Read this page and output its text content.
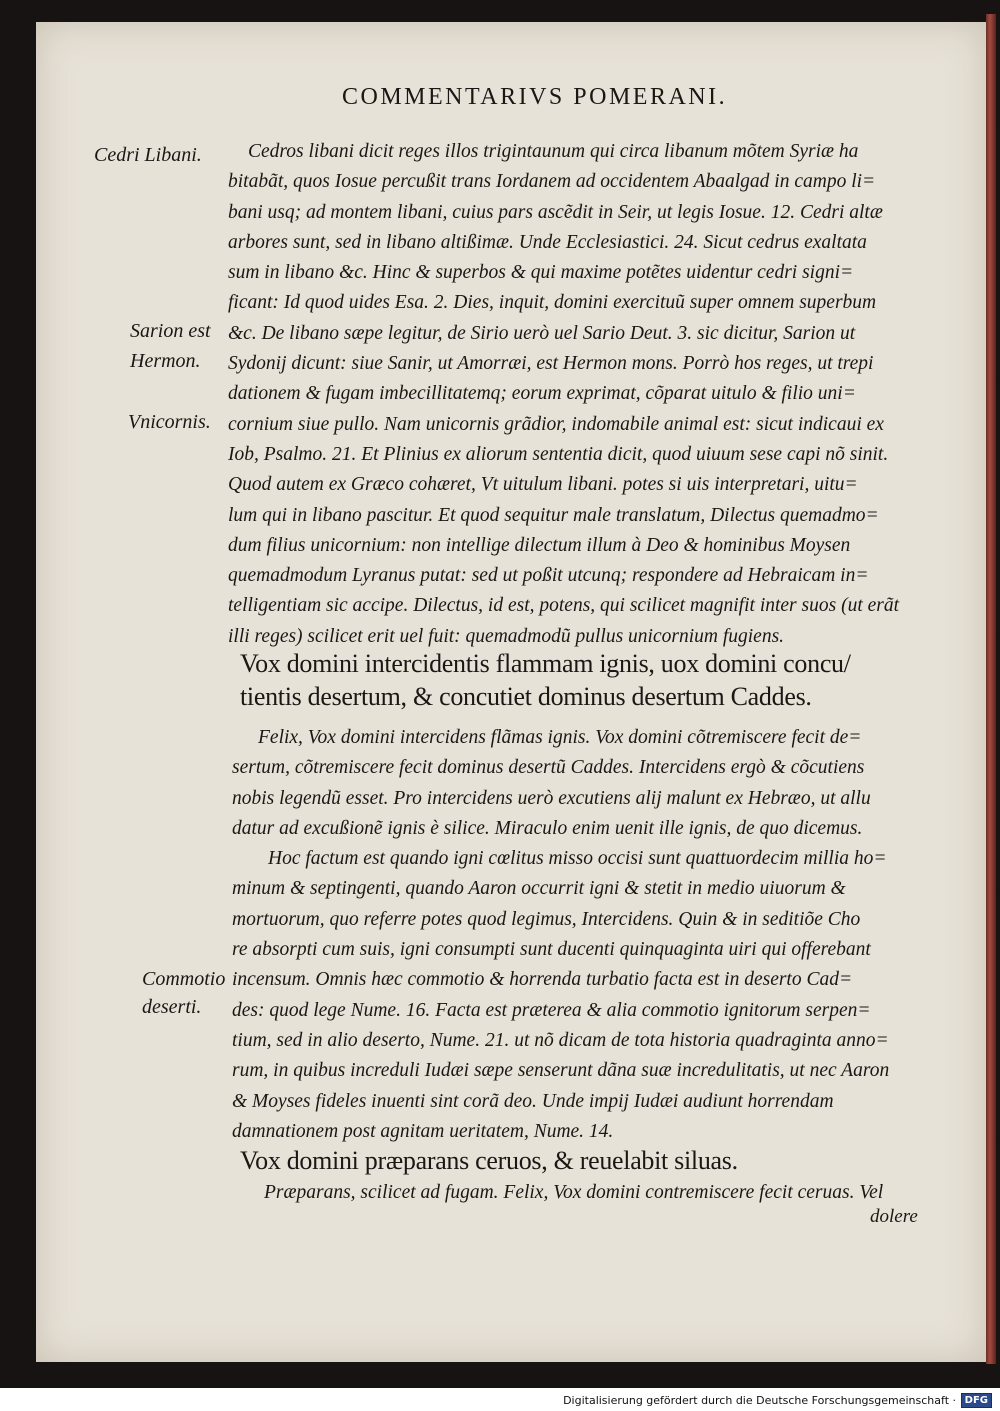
COMMENTARIVS POMERANI.
Cedri Libani.
Sarion est
Hermon.
Vnicornis.
Commotio
deserti.
Cedros libani dicit reges illos trigintaunum qui circa libanum mõtem Syriæ ha
bitabãt, quos Iosue percußit trans Iordanem ad occidentem Abaalgad in campo li=
bani usq; ad montem libani, cuius pars ascẽdit in Seir, ut legis Iosue. 12. Cedri altæ
arbores sunt, sed in libano altißimæ. Unde Ecclesiastici. 24. Sicut cedrus exaltata
sum in libano &c. Hinc & superbos & qui maxime potẽtes uidentur cedri signi=
ficant: Id quod uides Esa. 2. Dies, inquit, domini exercituũ super omnem superbum
&c. De libano sæpe legitur, de Sirio uerò uel Sario Deut. 3. sic dicitur, Sarion ut
Sydonij dicunt: siue Sanir, ut Amorræi, est Hermon mons. Porrò hos reges, ut trepi
dationem & fugam imbecillitatemq; eorum exprimat, cõparat uitulo & filio uni=
cornium siue pullo. Nam unicornis grãdior, indomabile animal est: sicut indicaui ex
Iob, Psalmo. 21. Et Plinius ex aliorum sententia dicit, quod uiuum sese capi nõ sinit.
Quod autem ex Græco cohæret, Vt uitulum libani. potes si uis interpretari, uitu=
lum qui in libano pascitur. Et quod sequitur male translatum, Dilectus quemadmo=
dum filius unicornium: non intellige dilectum illum à Deo & hominibus Moysen
quemadmodum Lyranus putat: sed ut poßit utcunq; respondere ad Hebraicam in=
telligentiam sic accipe. Dilectus, id est, potens, qui scilicet magnifit inter suos (ut erãt
illi reges) scilicet erit uel fuit: quemadmodũ pullus unicornium fugiens.
Vox domini intercidentis flammam ignis, uox domini concu/
tientis desertum, & concutiet dominus desertum Caddes.
Felix, Vox domini intercidens flãmas ignis. Vox domini cõtremiscere fecit de=
sertum, cõtremiscere fecit dominus desertũ Caddes. Intercidens ergò & cõcutiens
nobis legendũ esset. Pro intercidens uerò excutiens alij malunt ex Hebræo, ut allu
datur ad excußionẽ ignis è silice. Miraculo enim uenit ille ignis, de quo dicemus.
Hoc factum est quando igni cœlitus misso occisi sunt quattuordecim millia ho=
minum & septingenti, quando Aaron occurrit igni & stetit in medio uiuorum &
mortuorum, quo referre potes quod legimus, Intercidens. Quin & in seditiõe Cho
re absorpti cum suis, igni consumpti sunt ducenti quinquaginta uiri qui offerebant
incensum. Omnis hæc commotio & horrenda turbatio facta est in deserto Cad=
des: quod lege Nume. 16. Facta est præterea & alia commotio ignitorum serpen=
tium, sed in alio deserto, Nume. 21. ut nõ dicam de tota historia quadraginta anno=
rum, in quibus increduli Iudæi sæpe senserunt dãna suæ incredulitatis, ut nec Aaron
& Moyses fideles inuenti sint corã deo. Unde impij Iudæi audiunt horrendam
damnationem post agnitam ueritatem, Nume. 14.
Vox domini præparans ceruos, & reuelabit siluas.
Præparans, scilicet ad fugam. Felix, Vox domini contremiscere fecit ceruas. Vel
dolere
Digitalisierung gefördert durch die Deutsche Forschungsgemeinschaft · DFG
